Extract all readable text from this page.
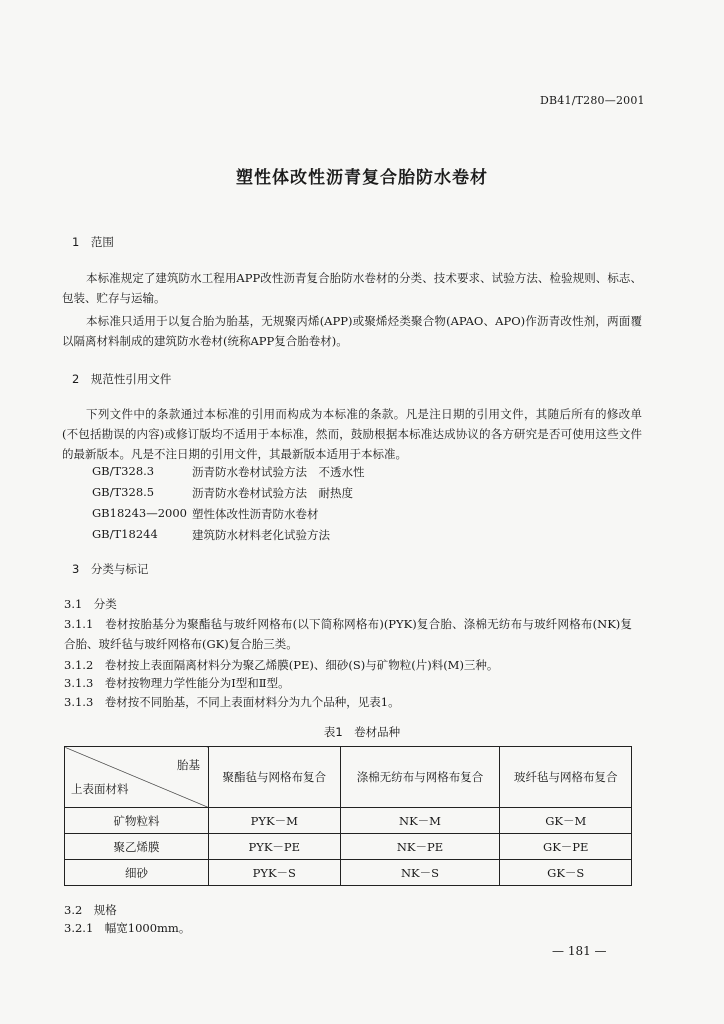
DB41/T280—2001
塑性体改性沥青复合胎防水卷材
1　范围
本标准规定了建筑防水工程用APP改性沥青复合胎防水卷材的分类、技术要求、试验方法、检验规则、标志、包装、贮存与运输。
本标准只适用于以复合胎为胎基，无规聚丙烯(APP)或聚烯烃类聚合物(APAO、APO)作沥青改性剂，两面覆以隔离材料制成的建筑防水卷材(统称APP复合胎卷材)。
2　规范性引用文件
下列文件中的条款通过本标准的引用而构成为本标准的条款。凡是注日期的引用文件，其随后所有的修改单(不包括勘误的内容)或修订版均不适用于本标准，然而，鼓励根据本标准达成协议的各方研究是否可使用这些文件的最新版本。凡是不注日期的引用文件，其最新版本适用于本标准。
GB/T328.3	沥青防水卷材试验方法　不透水性
GB/T328.5	沥青防水卷材试验方法　耐热度
GB18243—2000 塑性体改性沥青防水卷材
GB/T18244	建筑防水材料老化试验方法
3　分类与标记
3.1　分类
3.1.1　卷材按胎基分为聚酯毡与玻纤网格布(以下简称网格布)(PYK)复合胎、涤棉无纺布与玻纤网格布(NK)复合胎、玻纤毡与玻纤网格布(GK)复合胎三类。
3.1.2　卷材按上表面隔离材料分为聚乙烯膜(PE)、细砂(S)与矿物粒(片)料(M)三种。
3.1.3　卷材按物理力学性能分为Ⅰ型和Ⅱ型。
3.1.3　卷材按不同胎基，不同上表面材料分为九个品种，见表1。
表1　卷材品种
胎基
上表面材料	聚酯毡与网格布复合	涤棉无纺布与网格布复合	玻纤毡与网格布复合
矿物粒料	PYK－M	NK－M	GK－M
聚乙烯膜	PYK－PE	NK－PE	GK－PE
细砂	PYK－S	NK－S	GK－S
3.2　规格
3.2.1　幅宽1000mm。
— 181 —
